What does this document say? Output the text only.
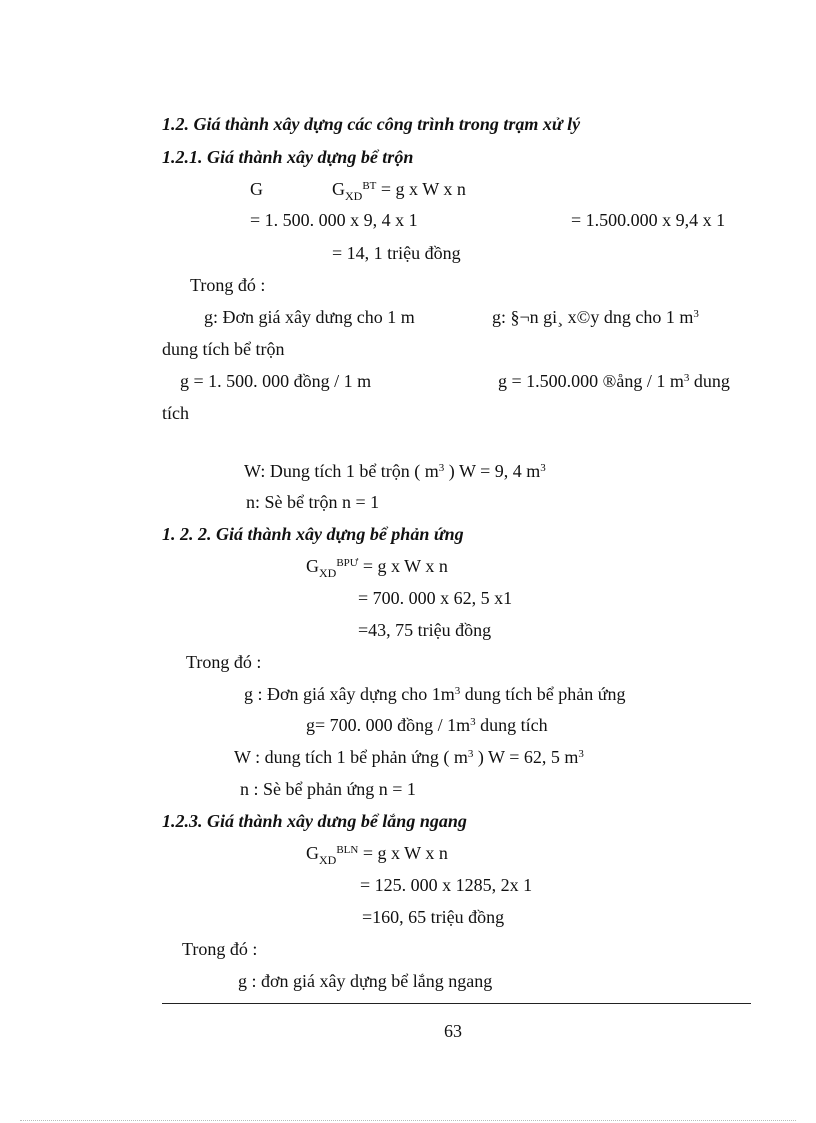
1.2. Giá thành xây dựng các công trình trong trạm xử lý
1.2.1. Giá thành xây dựng bể trộn
G	$G_{XD}^{BT} = g$ x W x n
= 1. 500. 000 x 9, 4 x 1	= 1.500.000 x 9,4 x 1
= 14, 1 triệu đồng
Trong đó :
g: Đơn giá xây dưng cho 1 m	g: §¬n gi¸ x©y dng cho 1 $m^3$
dung tích bể trộn
g = 1. 500. 000 đồng / 1 m	g = 1.500.000 ®ång / 1 $m^3$ dung
tích
W: Dung tích 1 bể trộn ( $m^3$ ) W = 9, 4 $m^3$
n: Sè bể trộn n = 1
1. 2. 2. Giá thành xây dựng bể phản ứng
$G_{XD}^{BPƯ} = g$ x W x n
= 700. 000 x 62, 5 x1
=43, 75 triệu đồng
Trong đó :
g : Đơn giá xây dựng cho $1m^3$ dung tích bể phản ứng
g= 700. 000 đồng / $1m^3$ dung tích
W : dung tích 1 bể phản ứng ( $m^3$ ) W = 62, 5 $m^3$
n : Sè bể phản ứng n = 1
1.2.3. Giá thành xây dưng bể lắng ngang
$G_{XD}^{BLN} = g$ x W x n
= 125. 000 x 1285, 2x 1
=160, 65 triệu đồng
Trong đó :
g : đơn giá xây dựng bể lắng ngang
63
